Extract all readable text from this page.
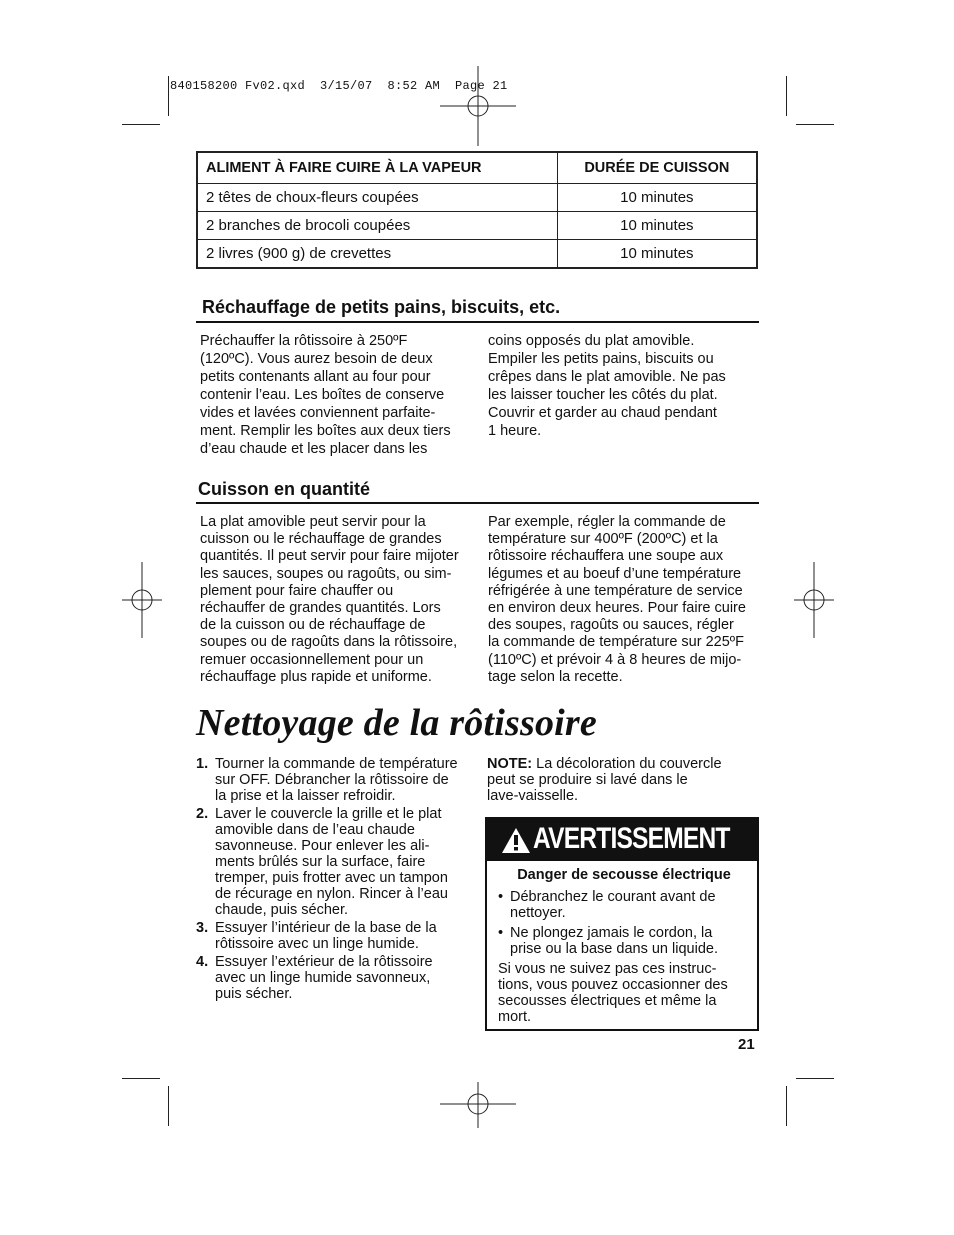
840158200 Fv02.qxd  3/15/07  8:52 AM  Page 21
ALIMENT À FAIRE CUIRE À LA VAPEUR	DURÉE DE CUISSON
2 têtes de choux-fleurs coupées	10 minutes
2 branches de brocoli coupées	10 minutes
2 livres (900 g) de crevettes	10 minutes
Réchauffage de petits pains, biscuits, etc.

Préchauffer la rôtissoire à 250ºF

(120ºC). Vous aurez besoin de deux

petits contenants allant au four pour

contenir l’eau. Les boîtes de conserve

vides et lavées conviennent parfaite-

ment. Remplir les boîtes aux deux tiers

d’eau chaude et les placer dans les

coins opposés du plat amovible.

Empiler les petits pains, biscuits ou

crêpes dans le plat amovible. Ne pas

les laisser toucher les côtés du plat.

Couvrir et garder au chaud pendant

1 heure.

Cuisson en quantité

La plat amovible peut servir pour la

cuisson ou le réchauffage de grandes

quantités. Il peut servir pour faire mijoter

les sauces, soupes ou ragoûts, ou sim-

plement pour faire chauffer ou

réchauffer de grandes quantités. Lors

de la cuisson ou de réchauffage de

soupes ou de ragoûts dans la rôtissoire,

remuer occasionnellement pour un

réchauffage plus rapide et uniforme.

Par exemple, régler la commande de

température sur 400ºF (200ºC) et la

rôtissoire réchauffera une soupe aux

légumes et au boeuf d’une température

réfrigérée à une température de service

en environ deux heures. Pour faire cuire

des soupes, ragoûts ou sauces, régler

la commande de température sur 225ºF

(110ºC) et prévoir 4 à 8 heures de mijo-

tage selon la recette.

Nettoyage de la rôtissoire
1. Tourner la commande de température
sur OFF. Débrancher la rôtissoire de
la prise et la laisser refroidir.
2. Laver le couvercle la grille et le plat
amovible dans de l’eau chaude
savonneuse. Pour enlever les ali-
ments brûlés sur la surface, faire
tremper, puis frotter avec un tampon
de récurage en nylon. Rincer à l’eau
chaude, puis sécher.
3. Essuyer l’intérieur de la base de la
rôtissoire avec un linge humide.
4. Essuyer l’extérieur de la rôtissoire
avec un linge humide savonneux,
puis sécher.
NOTE: La décoloration du couvercle
peut se produire si lavé dans le
lave-vaisselle.
AVERTISSEMENT
Danger de secousse électrique
• Débranchez le courant avant de
nettoyer.
• Ne plongez jamais le cordon, la
prise ou la base dans un liquide.
Si vous ne suivez pas ces instruc-
tions, vous pouvez occasionner des
secousses électriques et même la
mort.
21
